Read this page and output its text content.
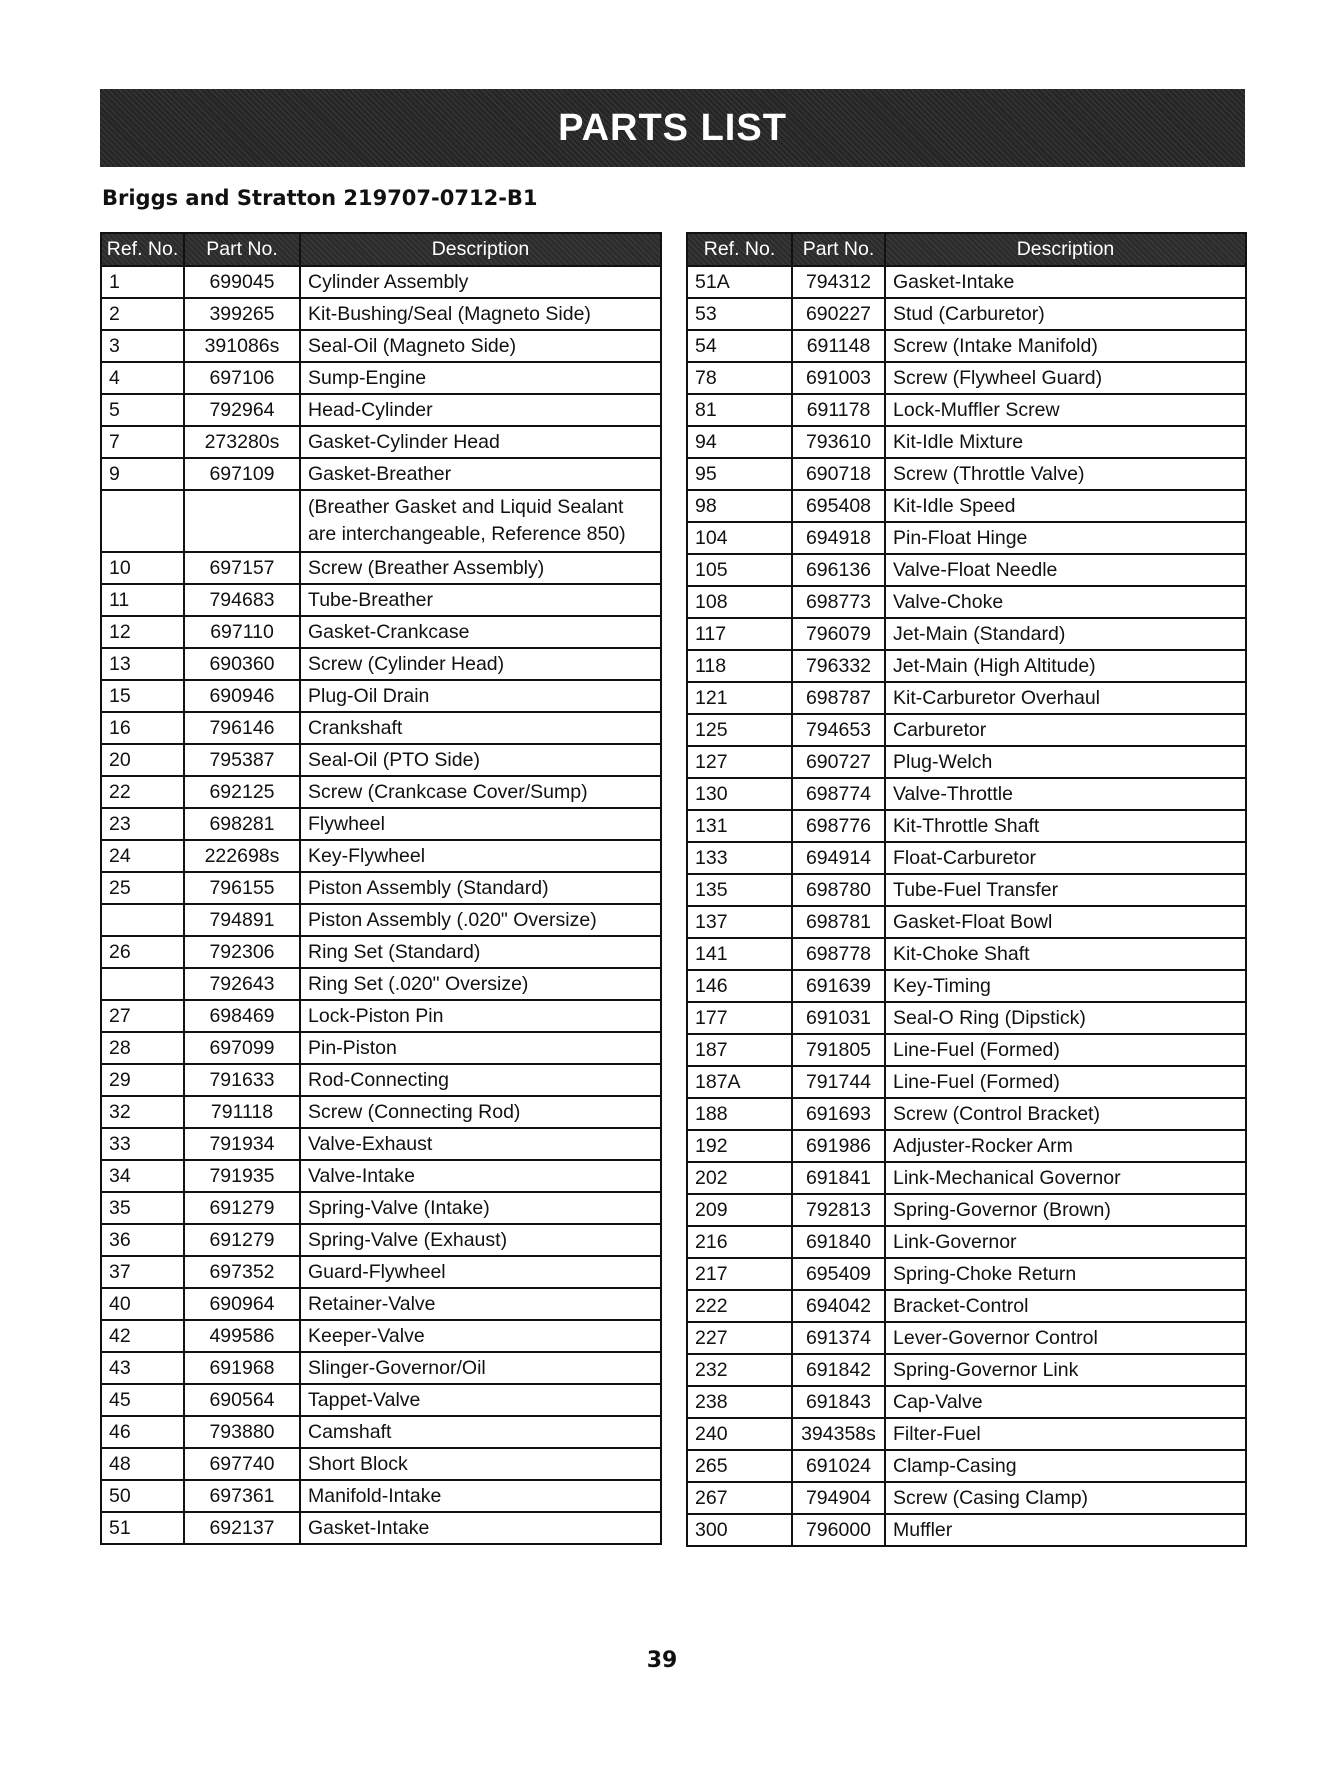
PARTS LIST
Briggs and Stratton 219707-0712-B1
Ref. No.	Part No.	Description
1	699045	Cylinder Assembly
2	399265	Kit-Bushing/Seal (Magneto Side)
3	391086s	Seal-Oil (Magneto Side)
4	697106	Sump-Engine
5	792964	Head-Cylinder
7	273280s	Gasket-Cylinder Head
9	697109	Gasket-Breather
		(Breather Gasket and Liquid Sealant are interchangeable, Reference 850)
10	697157	Screw (Breather Assembly)
11	794683	Tube-Breather
12	697110	Gasket-Crankcase
13	690360	Screw (Cylinder Head)
15	690946	Plug-Oil Drain
16	796146	Crankshaft
20	795387	Seal-Oil (PTO Side)
22	692125	Screw (Crankcase Cover/Sump)
23	698281	Flywheel
24	222698s	Key-Flywheel
25	796155	Piston Assembly (Standard)
	794891	Piston Assembly (.020" Oversize)
26	792306	Ring Set (Standard)
	792643	Ring Set (.020" Oversize)
27	698469	Lock-Piston Pin
28	697099	Pin-Piston
29	791633	Rod-Connecting
32	791118	Screw (Connecting Rod)
33	791934	Valve-Exhaust
34	791935	Valve-Intake
35	691279	Spring-Valve (Intake)
36	691279	Spring-Valve (Exhaust)
37	697352	Guard-Flywheel
40	690964	Retainer-Valve
42	499586	Keeper-Valve
43	691968	Slinger-Governor/Oil
45	690564	Tappet-Valve
46	793880	Camshaft
48	697740	Short Block
50	697361	Manifold-Intake
51	692137	Gasket-Intake
Ref. No.	Part No.	Description
51A	794312	Gasket-Intake
53	690227	Stud (Carburetor)
54	691148	Screw (Intake Manifold)
78	691003	Screw (Flywheel Guard)
81	691178	Lock-Muffler Screw
94	793610	Kit-Idle Mixture
95	690718	Screw (Throttle Valve)
98	695408	Kit-Idle Speed
104	694918	Pin-Float Hinge
105	696136	Valve-Float Needle
108	698773	Valve-Choke
117	796079	Jet-Main (Standard)
118	796332	Jet-Main (High Altitude)
121	698787	Kit-Carburetor Overhaul
125	794653	Carburetor
127	690727	Plug-Welch
130	698774	Valve-Throttle
131	698776	Kit-Throttle Shaft
133	694914	Float-Carburetor
135	698780	Tube-Fuel Transfer
137	698781	Gasket-Float Bowl
141	698778	Kit-Choke Shaft
146	691639	Key-Timing
177	691031	Seal-O Ring (Dipstick)
187	791805	Line-Fuel (Formed)
187A	791744	Line-Fuel (Formed)
188	691693	Screw (Control Bracket)
192	691986	Adjuster-Rocker Arm
202	691841	Link-Mechanical Governor
209	792813	Spring-Governor (Brown)
216	691840	Link-Governor
217	695409	Spring-Choke Return
222	694042	Bracket-Control
227	691374	Lever-Governor Control
232	691842	Spring-Governor Link
238	691843	Cap-Valve
240	394358s	Filter-Fuel
265	691024	Clamp-Casing
267	794904	Screw (Casing Clamp)
300	796000	Muffler
39
